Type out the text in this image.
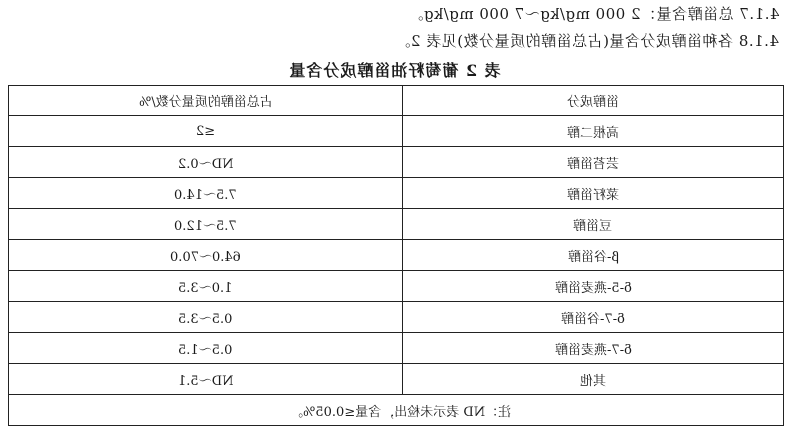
4.1.7 总甾醇含量：2 000 mg/kg～7 000 mg/kg。
4.1.8 各种甾醇成分含量(占总甾醇的质量分数)见表 2。
表 2 葡萄籽油甾醇成分含量
占总甾醇的质量分数/%	甾醇成分
≤2	高根二醇
ND～0.2	芸苔甾醇
7.5～14.0	菜籽甾醇
7.5～12.0	豆甾醇
64.0～70.0	β-谷甾醇
1.0～3.5	δ-5-燕麦甾醇
0.5～3.5	δ-7-谷甾醇
0.5～1.5	δ-7-燕麦甾醇
ND～5.1	其他
注：ND 表示未检出，含量≤0.05%。	
